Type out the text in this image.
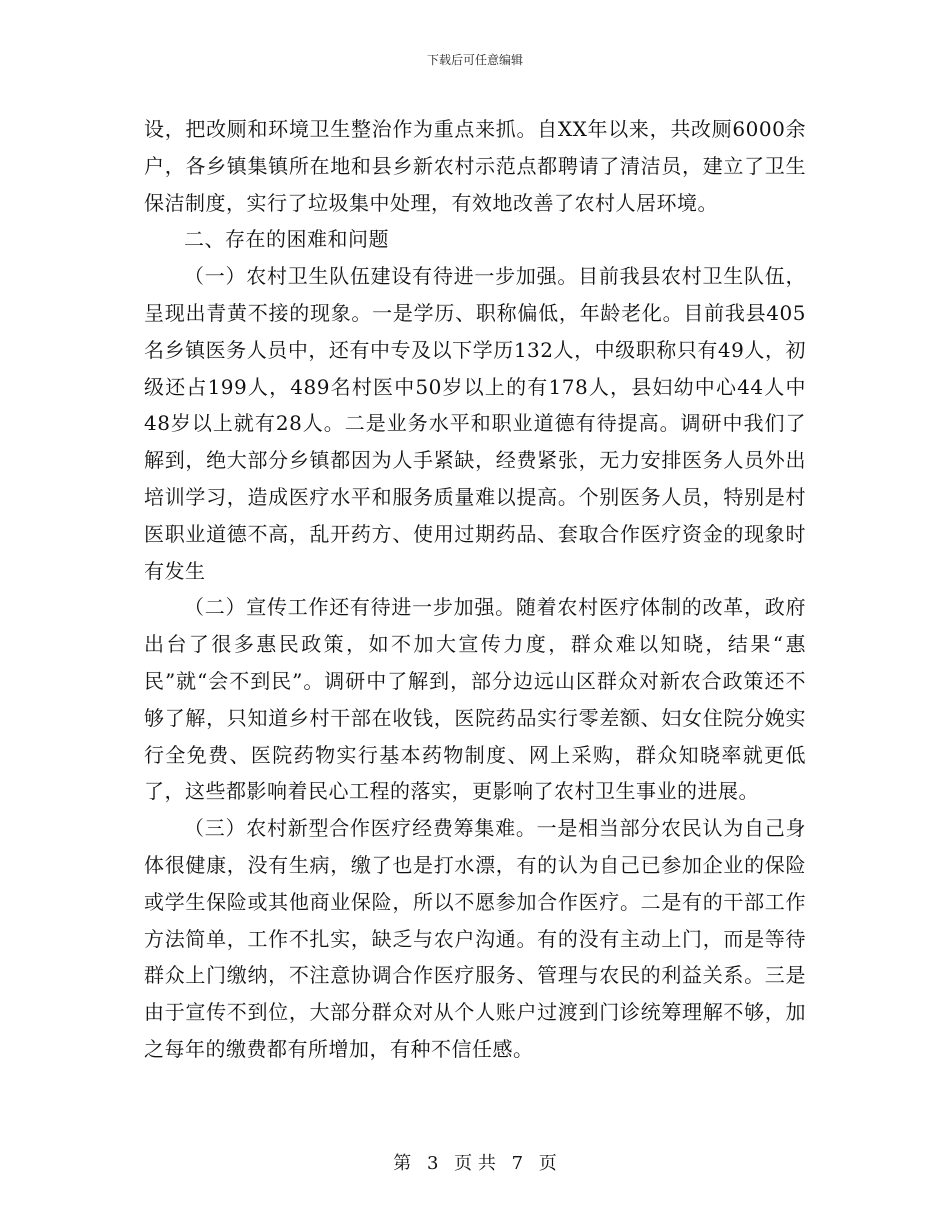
下载后可任意编辑

设，把改厕和环境卫生整治作为重点来抓。自XX年以来，共改厕6000余户，各乡镇集镇所在地和县乡新农村示范点都聘请了清洁员，建立了卫生保洁制度，实行了垃圾集中处理，有效地改善了农村人居环境。

二、存在的困难和问题

（一）农村卫生队伍建设有待进一步加强。目前我县农村卫生队伍，呈现出青黄不接的现象。一是学历、职称偏低，年龄老化。目前我县405名乡镇医务人员中，还有中专及以下学历132人，中级职称只有49人，初级还占199人，489名村医中50岁以上的有178人，县妇幼中心44人中48岁以上就有28人。二是业务水平和职业道德有待提高。调研中我们了解到，绝大部分乡镇都因为人手紧缺，经费紧张，无力安排医务人员外出培训学习，造成医疗水平和服务质量难以提高。个别医务人员，特别是村医职业道德不高，乱开药方、使用过期药品、套取合作医疗资金的现象时有发生

（二）宣传工作还有待进一步加强。随着农村医疗体制的改革，政府出台了很多惠民政策，如不加大宣传力度，群众难以知晓，结果“惠民”就“会不到民”。调研中了解到，部分边远山区群众对新农合政策还不够了解，只知道乡村干部在收钱，医院药品实行零差额、妇女住院分娩实行全免费、医院药物实行基本药物制度、网上采购，群众知晓率就更低了，这些都影响着民心工程的落实，更影响了农村卫生事业的进展。

（三）农村新型合作医疗经费筹集难。一是相当部分农民认为自己身体很健康，没有生病，缴了也是打水漂，有的认为自己已参加企业的保险或学生保险或其他商业保险，所以不愿参加合作医疗。二是有的干部工作方法简单，工作不扎实，缺乏与农户沟通。有的没有主动上门，而是等待群众上门缴纳，不注意协调合作医疗服务、管理与农民的利益关系。三是由于宣传不到位，大部分群众对从个人账户过渡到门诊统筹理解不够，加之每年的缴费都有所增加，有种不信任感。

第 3 页 共 7 页
